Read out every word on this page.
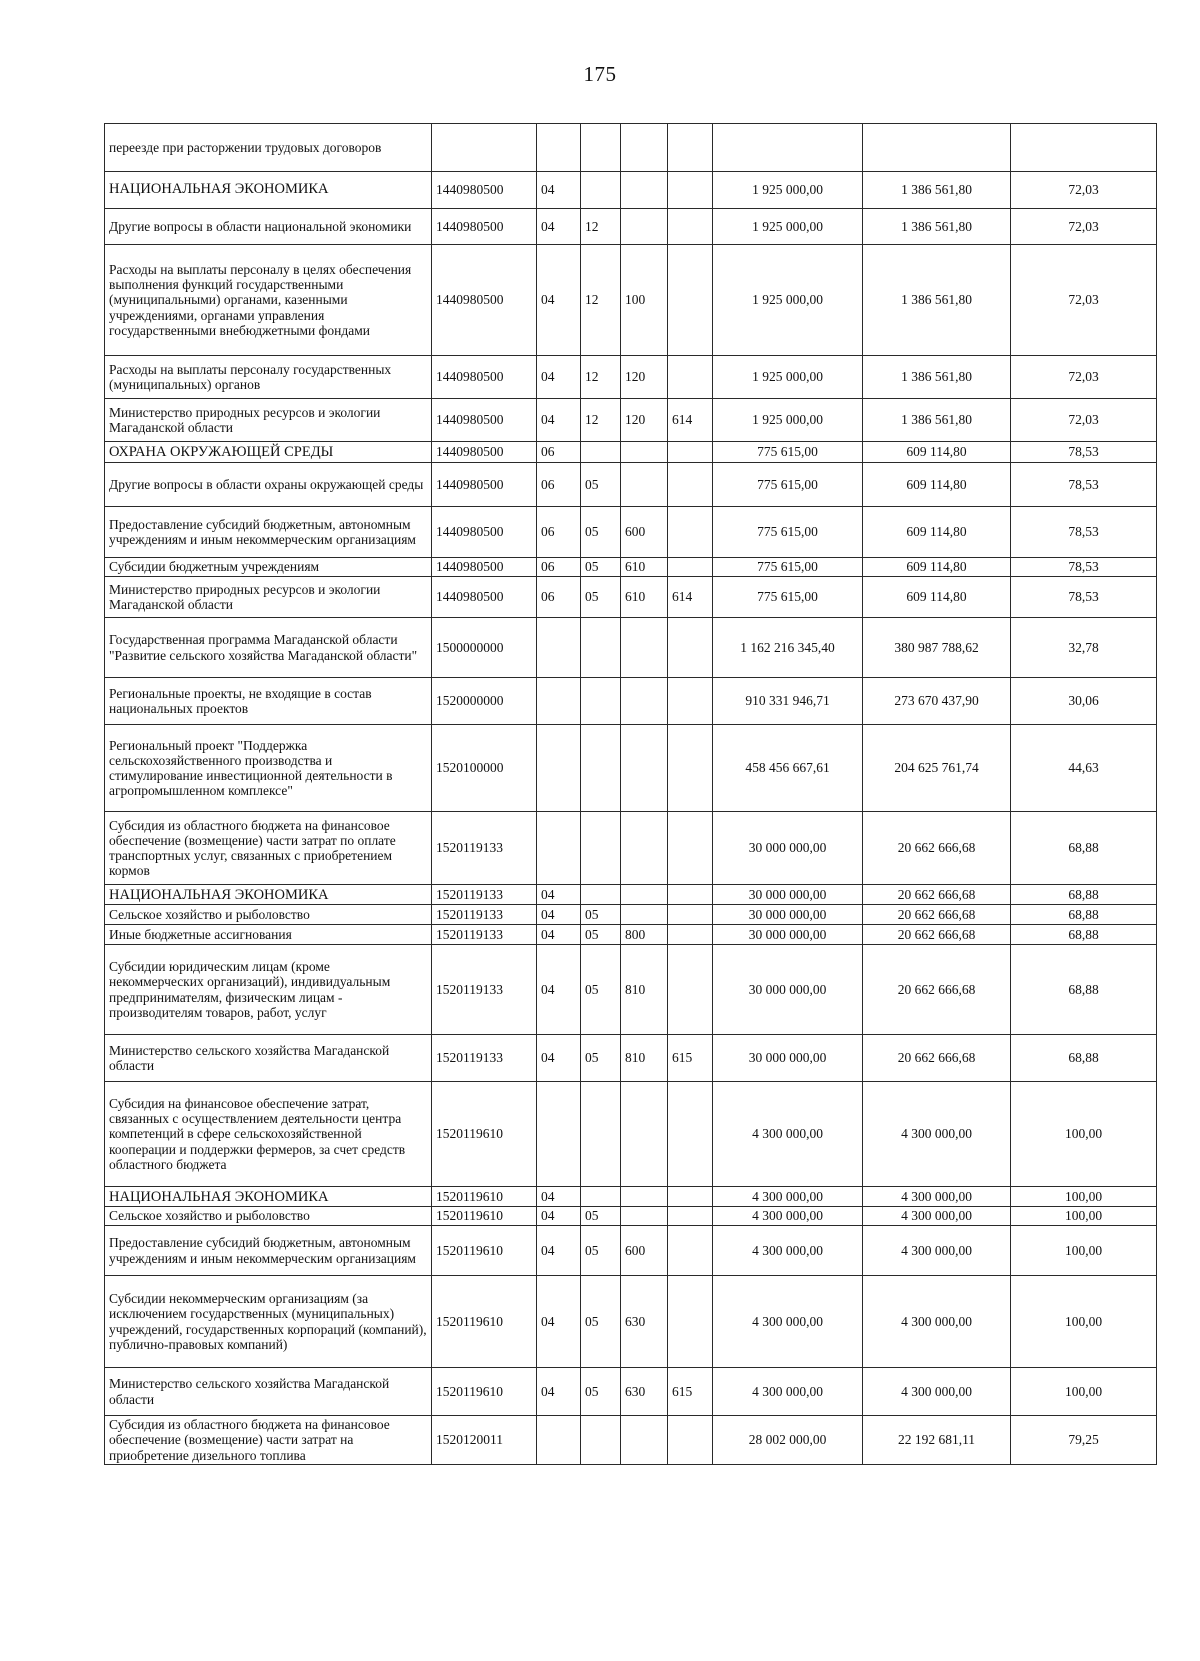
175
переезде при расторжении трудовых договоров								
НАЦИОНАЛЬНАЯ ЭКОНОМИКА	1440980500	04				1 925 000,00	1 386 561,80	72,03
Другие вопросы в области национальной экономики	1440980500	04	12			1 925 000,00	1 386 561,80	72,03
Расходы на выплаты персоналу в целях обеспечения выполнения функций государственными (муниципальными) органами, казенными учреждениями, органами управления государственными внебюджетными фондами	1440980500	04	12	100		1 925 000,00	1 386 561,80	72,03
Расходы на выплаты персоналу государственных (муниципальных) органов	1440980500	04	12	120		1 925 000,00	1 386 561,80	72,03
Министерство природных ресурсов и экологии Магаданской области	1440980500	04	12	120	614	1 925 000,00	1 386 561,80	72,03
ОХРАНА ОКРУЖАЮЩЕЙ СРЕДЫ	1440980500	06				775 615,00	609 114,80	78,53
Другие вопросы в области охраны окружающей среды	1440980500	06	05			775 615,00	609 114,80	78,53
Предоставление субсидий бюджетным, автономным учреждениям и иным некоммерческим организациям	1440980500	06	05	600		775 615,00	609 114,80	78,53
Субсидии бюджетным учреждениям	1440980500	06	05	610		775 615,00	609 114,80	78,53
Министерство природных ресурсов и экологии Магаданской области	1440980500	06	05	610	614	775 615,00	609 114,80	78,53
Государственная программа Магаданской области "Развитие сельского хозяйства Магаданской области"	1500000000					1 162 216 345,40	380 987 788,62	32,78
Региональные проекты, не входящие в состав национальных проектов	1520000000					910 331 946,71	273 670 437,90	30,06
Региональный проект "Поддержка сельскохозяйственного производства и стимулирование инвестиционной деятельности в агропромышленном комплексе"	1520100000					458 456 667,61	204 625 761,74	44,63
Субсидия из областного бюджета на финансовое обеспечение (возмещение) части затрат по оплате транспортных услуг, связанных с приобретением кормов	1520119133					30 000 000,00	20 662 666,68	68,88
НАЦИОНАЛЬНАЯ ЭКОНОМИКА	1520119133	04				30 000 000,00	20 662 666,68	68,88
Сельское хозяйство и рыболовство	1520119133	04	05			30 000 000,00	20 662 666,68	68,88
Иные бюджетные ассигнования	1520119133	04	05	800		30 000 000,00	20 662 666,68	68,88
Субсидии юридическим лицам (кроме некоммерческих организаций), индивидуальным предпринимателям, физическим лицам - производителям товаров, работ, услуг	1520119133	04	05	810		30 000 000,00	20 662 666,68	68,88
Министерство сельского хозяйства Магаданской области	1520119133	04	05	810	615	30 000 000,00	20 662 666,68	68,88
Субсидия на финансовое обеспечение затрат, связанных с осуществлением деятельности центра компетенций в сфере сельскохозяйственной кооперации и поддержки фермеров, за счет средств областного бюджета	1520119610					4 300 000,00	4 300 000,00	100,00
НАЦИОНАЛЬНАЯ ЭКОНОМИКА	1520119610	04				4 300 000,00	4 300 000,00	100,00
Сельское хозяйство и рыболовство	1520119610	04	05			4 300 000,00	4 300 000,00	100,00
Предоставление субсидий бюджетным, автономным учреждениям и иным некоммерческим организациям	1520119610	04	05	600		4 300 000,00	4 300 000,00	100,00
Субсидии некоммерческим организациям (за исключением государственных (муниципальных) учреждений, государственных корпораций (компаний), публично-правовых компаний)	1520119610	04	05	630		4 300 000,00	4 300 000,00	100,00
Министерство сельского хозяйства Магаданской области	1520119610	04	05	630	615	4 300 000,00	4 300 000,00	100,00
Субсидия из областного бюджета на финансовое обеспечение (возмещение) части затрат на приобретение дизельного топлива	1520120011					28 002 000,00	22 192 681,11	79,25
